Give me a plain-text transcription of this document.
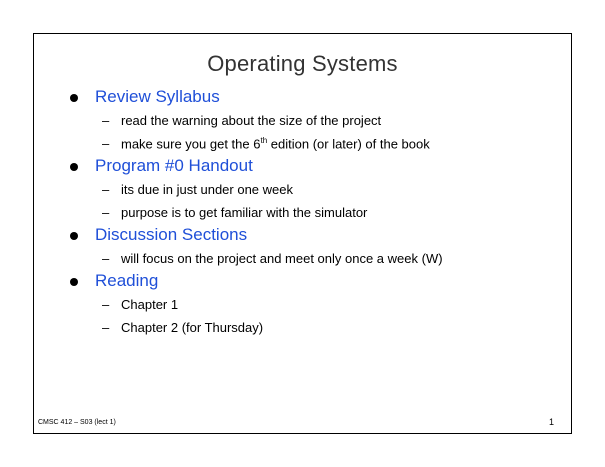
Operating Systems
Review Syllabus
– read the warning about the size of the project
– make sure you get the 6th edition (or later) of the book
Program #0 Handout
– its due in just under one week
– purpose is to get familiar with the simulator
Discussion Sections
– will focus on the project and meet only once a week (W)
Reading
– Chapter 1
– Chapter 2 (for Thursday)
CMSC 412 – S03 (lect 1)	1
